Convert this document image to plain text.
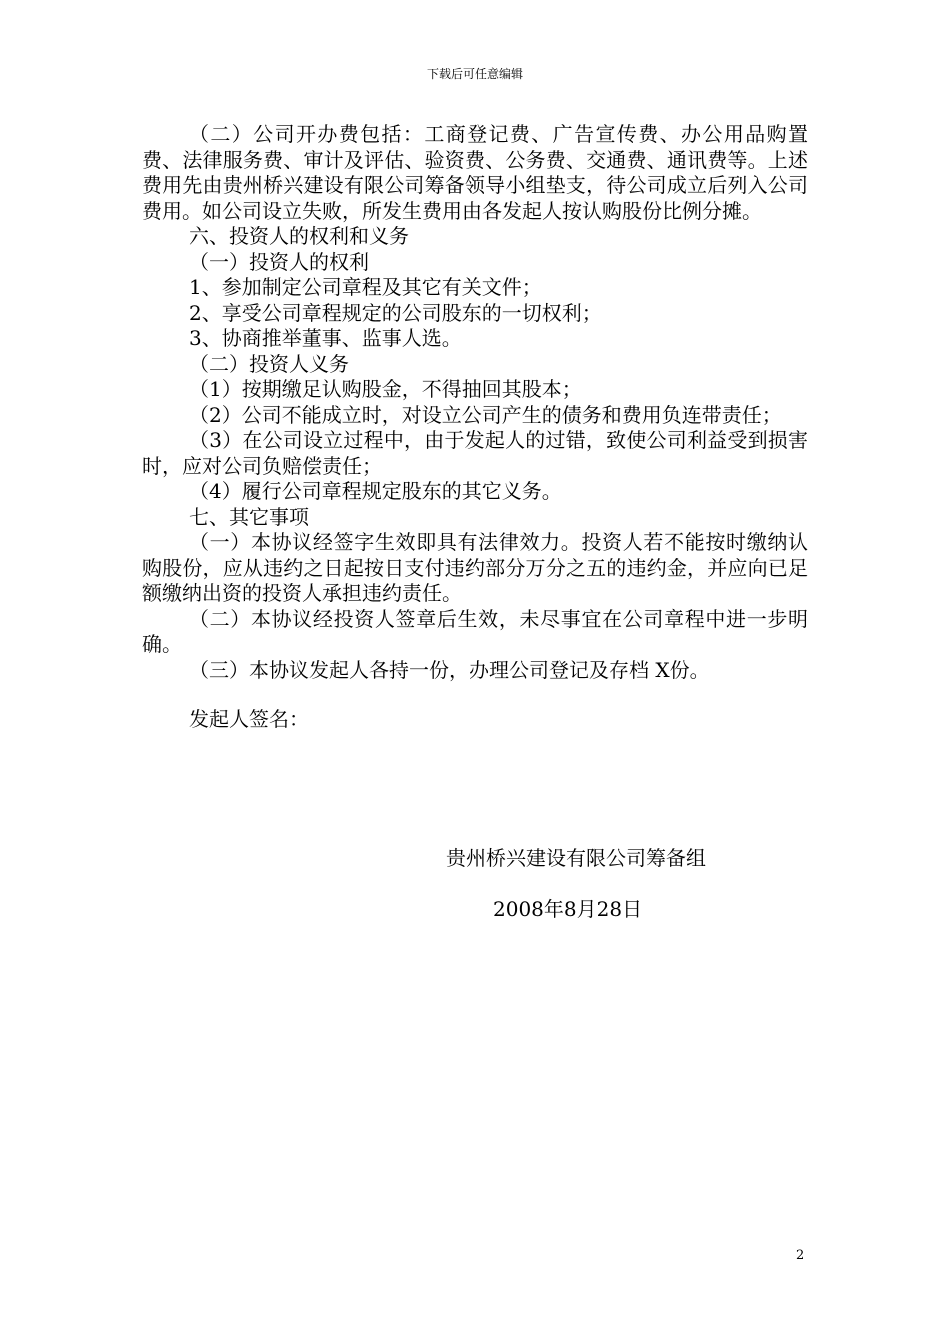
下载后可任意编辑

（二）公司开办费包括：工商登记费、广告宣传费、办公用品购置费、法律服务费、审计及评估、验资费、公务费、交通费、通讯费等。上述费用先由贵州桥兴建设有限公司筹备领导小组垫支，待公司成立后列入公司费用。如公司设立失败，所发生费用由各发起人按认购股份比例分摊。

六、投资人的权利和义务

（一）投资人的权利

1、参加制定公司章程及其它有关文件；

2、享受公司章程规定的公司股东的一切权利；

3、协商推举董事、监事人选。

（二）投资人义务

（1）按期缴足认购股金，不得抽回其股本；

（2）公司不能成立时，对设立公司产生的债务和费用负连带责任；

（3）在公司设立过程中，由于发起人的过错，致使公司利益受到损害时，应对公司负赔偿责任；

（4）履行公司章程规定股东的其它义务。

七、其它事项

（一）本协议经签字生效即具有法律效力。投资人若不能按时缴纳认购股份，应从违约之日起按日支付违约部分万分之五的违约金，并应向已足额缴纳出资的投资人承担违约责任。

（二）本协议经投资人签章后生效，未尽事宜在公司章程中进一步明确。

（三）本协议发起人各持一份，办理公司登记及存档 X份。

发起人签名：

贵州桥兴建设有限公司筹备组
2008年8月28日
2
